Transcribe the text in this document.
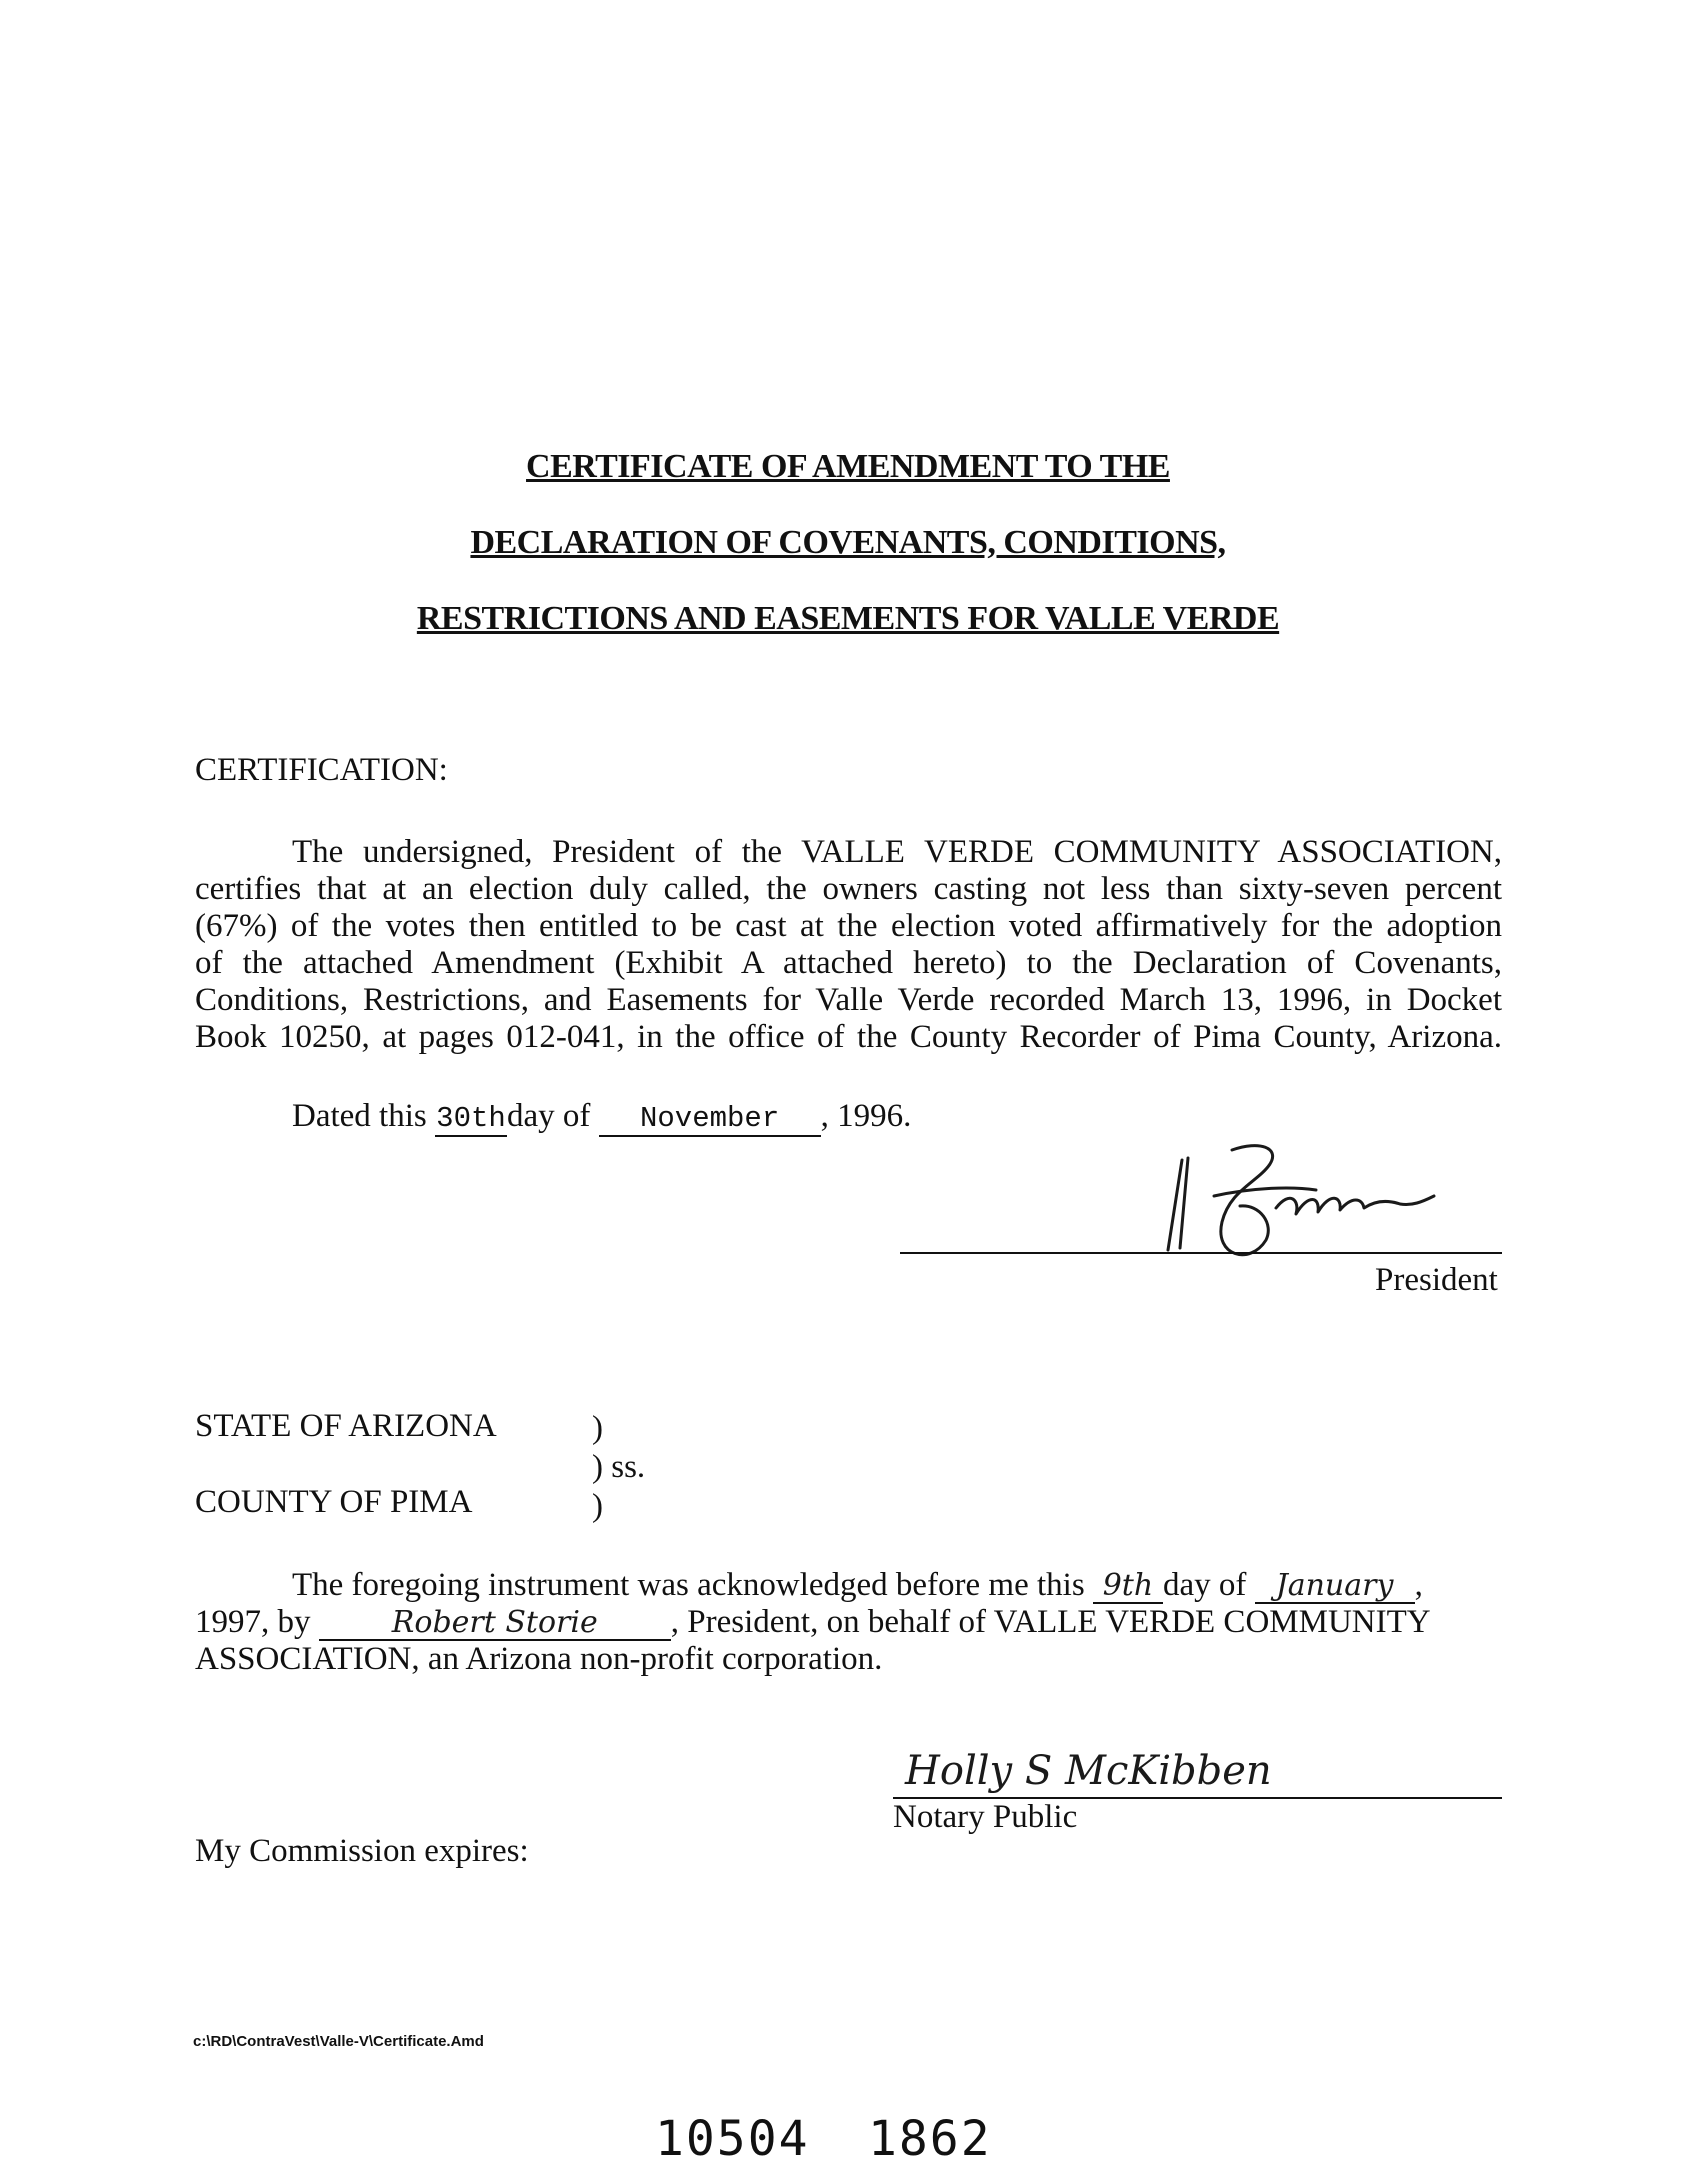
CERTIFICATE OF AMENDMENT TO THE
DECLARATION OF COVENANTS, CONDITIONS,
RESTRICTIONS AND EASEMENTS FOR VALLE VERDE
CERTIFICATION:
The undersigned, President of the VALLE VERDE COMMUNITY ASSOCIATION,
certifies that at an election duly called, the owners casting not less than sixty-seven percent
(67%) of the votes then entitled to be cast at the election voted affirmatively for the adoption
of the attached Amendment (Exhibit A attached hereto) to the Declaration of Covenants,
Conditions, Restrictions, and Easements for Valle Verde recorded March 13, 1996, in Docket
Book 10250, at pages 012-041, in the office of the County Recorder of Pima County, Arizona.
Dated this 30thday of November , 1996.
President
STATE OF ARIZONA	)
) ss.
COUNTY OF PIMA	)
The foregoing instrument was acknowledged before me this 9th day of January ,
1997, by	Robert Storie , President, on behalf of VALLE VERDE COMMUNITY
ASSOCIATION, an Arizona non-profit corporation.
Holly S McKibben
Notary Public
My Commission expires:
c:\RD\ContraVest\Valle-V\Certificate.Amd
10504 1862
